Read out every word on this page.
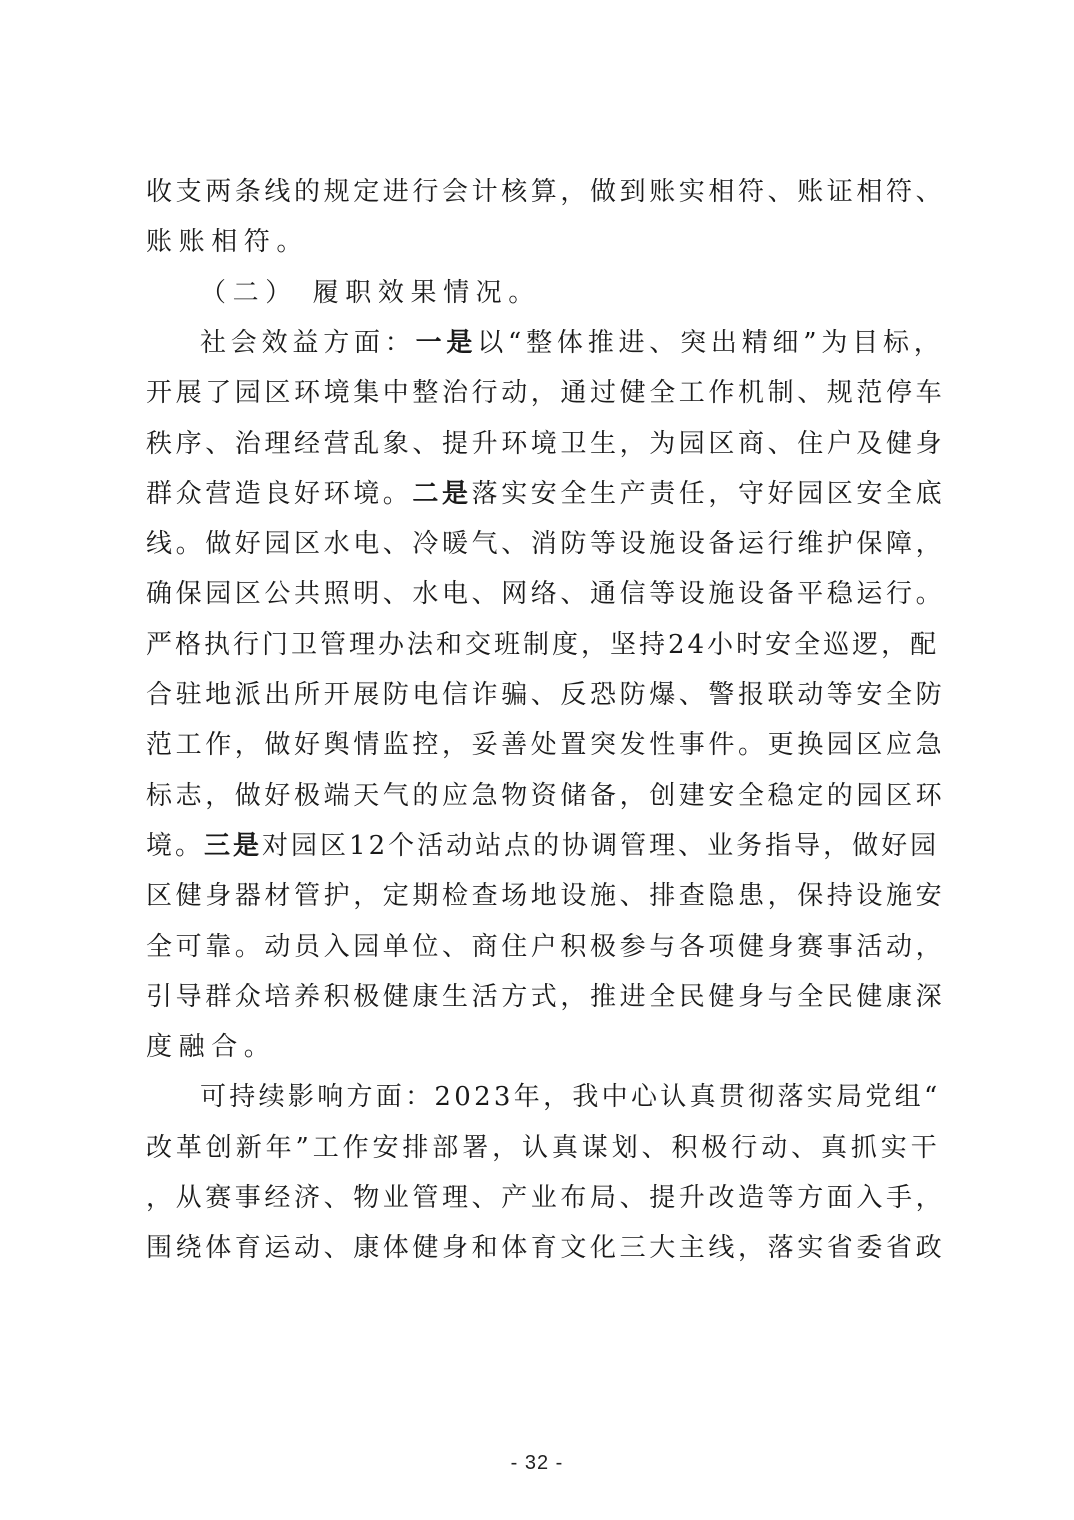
收支两条线的规定进行会计核算，做到账实相符、账证相符、
账账相符。
（二） 履职效果情况。
社会效益方面：一是以“整体推进、突出精细”为目标，
开展了园区环境集中整治行动，通过健全工作机制、规范停车
秩序、治理经营乱象、提升环境卫生，为园区商、住户及健身
群众营造良好环境。二是落实安全生产责任，守好园区安全底
线。做好园区水电、冷暖气、消防等设施设备运行维护保障，
确保园区公共照明、水电、网络、通信等设施设备平稳运行。
严格执行门卫管理办法和交班制度，坚持24小时安全巡逻，配
合驻地派出所开展防电信诈骗、反恐防爆、警报联动等安全防
范工作，做好舆情监控，妥善处置突发性事件。更换园区应急
标志，做好极端天气的应急物资储备，创建安全稳定的园区环
境。三是对园区12个活动站点的协调管理、业务指导，做好园
区健身器材管护，定期检查场地设施、排查隐患，保持设施安
全可靠。动员入园单位、商住户积极参与各项健身赛事活动，
引导群众培养积极健康生活方式，推进全民健身与全民健康深
度融合。
可持续影响方面：2023年，我中心认真贯彻落实局党组“
改革创新年”工作安排部署，认真谋划、积极行动、真抓实干
，从赛事经济、物业管理、产业布局、提升改造等方面入手，
围绕体育运动、康体健身和体育文化三大主线，落实省委省政
- 32 -
